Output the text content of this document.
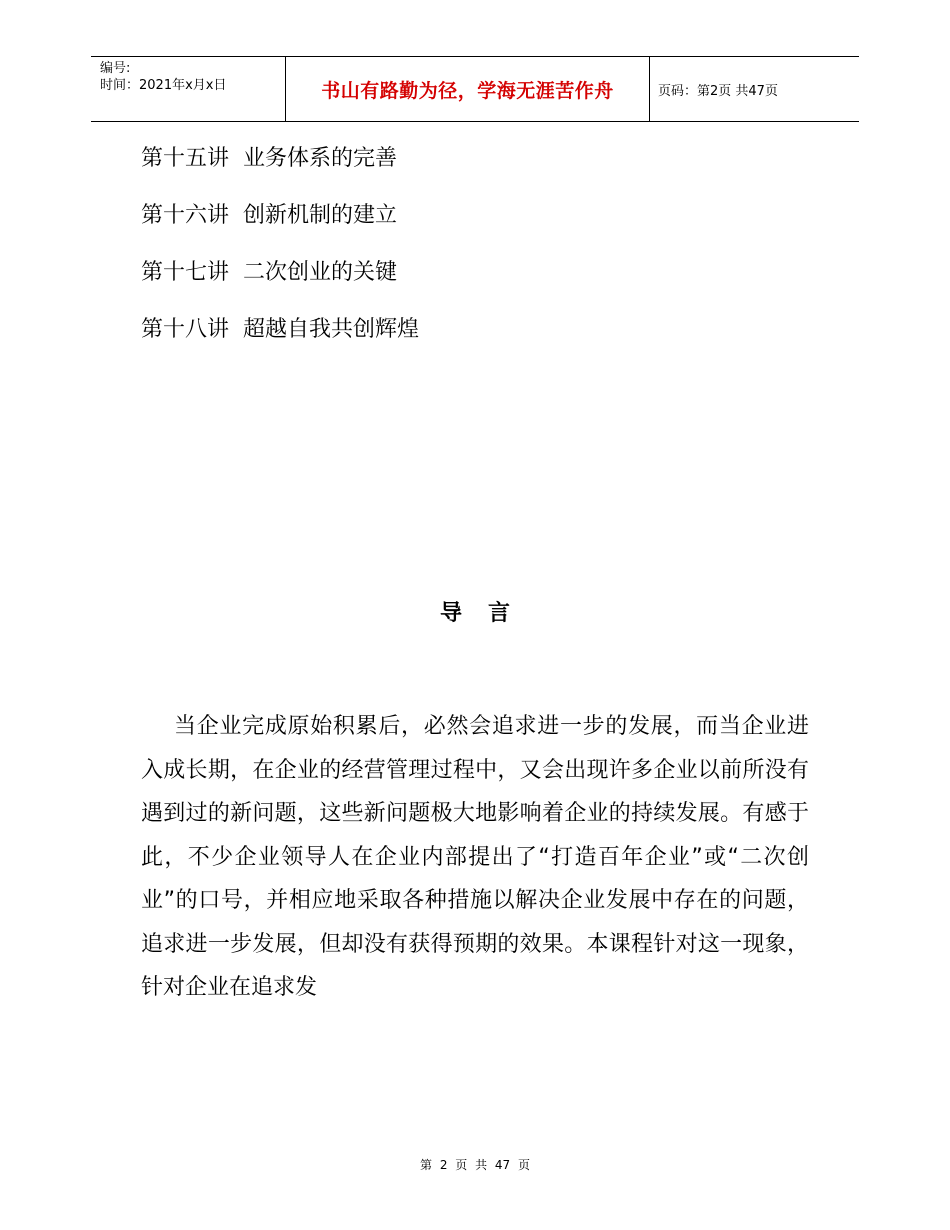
编号:
时间：2021年x月x日	书山有路勤为径，学海无涯苦作舟	页码：第2页 共47页
第十五讲 业务体系的完善
第十六讲 创新机制的建立
第十七讲 二次创业的关键
第十八讲 超越自我共创辉煌
导言
当企业完成原始积累后，必然会追求进一步的发展，而当企业进入成长期，在企业的经营管理过程中，又会出现许多企业以前所没有遇到过的新问题，这些新问题极大地影响着企业的持续发展。有感于此，不少企业领导人在企业内部提出了“打造百年企业”或“二次创业”的口号，并相应地采取各种措施以解决企业发展中存在的问题，追求进一步发展，但却没有获得预期的效果。本课程针对这一现象，针对企业在追求发
第 2 页 共 47 页
